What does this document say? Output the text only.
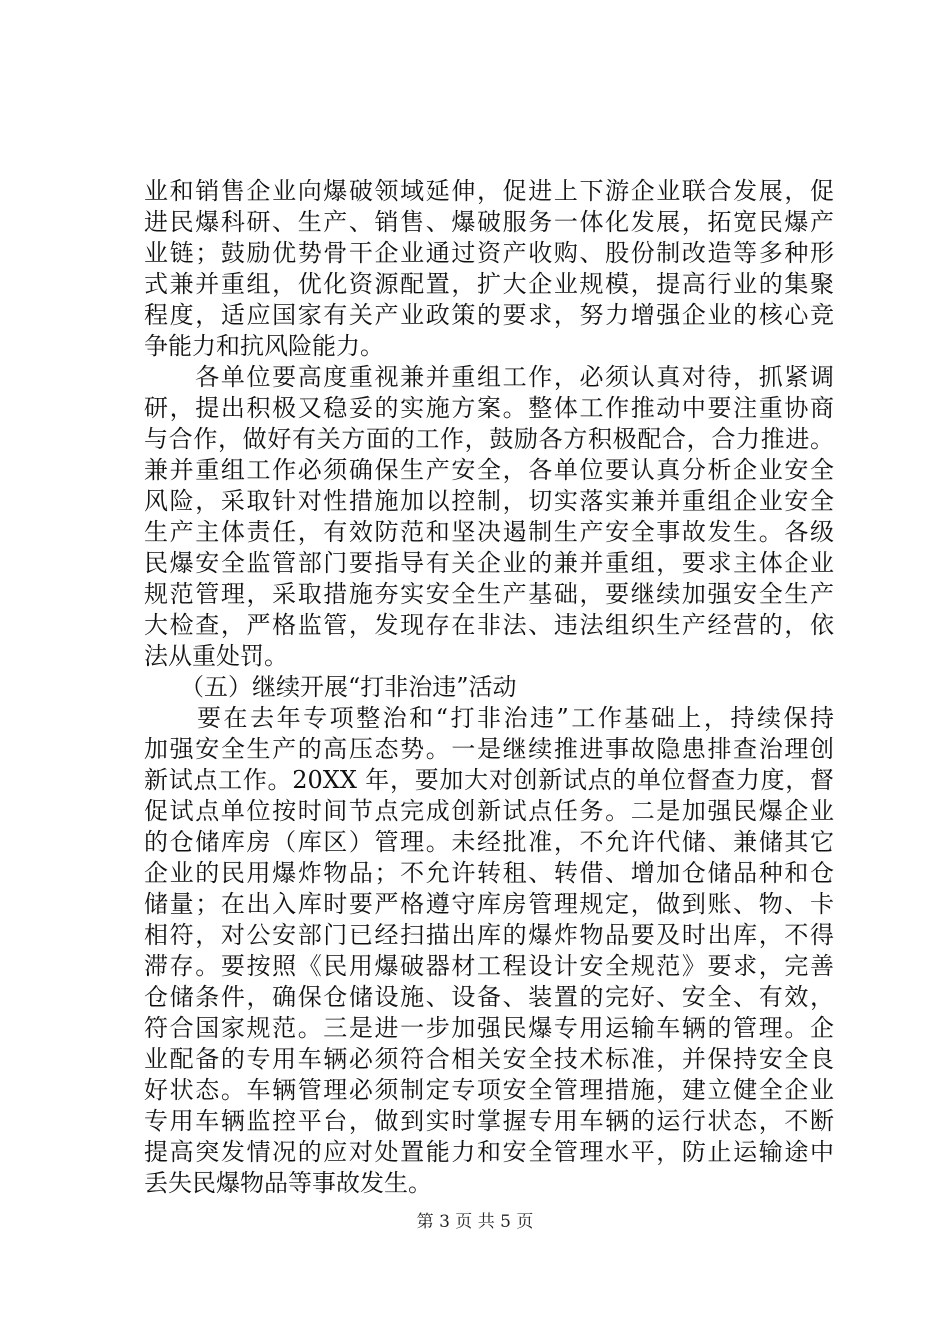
业和销售企业向爆破领域延伸，促进上下游企业联合发展，促
进民爆科研、生产、销售、爆破服务一体化发展，拓宽民爆产
业链；鼓励优势骨干企业通过资产收购、股份制改造等多种形
式兼并重组，优化资源配置，扩大企业规模，提高行业的集聚
程度，适应国家有关产业政策的要求，努力增强企业的核心竞
争能力和抗风险能力。
　　各单位要高度重视兼并重组工作，必须认真对待，抓紧调
研，提出积极又稳妥的实施方案。整体工作推动中要注重协商
与合作，做好有关方面的工作，鼓励各方积极配合，合力推进。
兼并重组工作必须确保生产安全，各单位要认真分析企业安全
风险，采取针对性措施加以控制，切实落实兼并重组企业安全
生产主体责任，有效防范和坚决遏制生产安全事故发生。各级
民爆安全监管部门要指导有关企业的兼并重组，要求主体企业
规范管理，采取措施夯实安全生产基础，要继续加强安全生产
大检查，严格监管，发现存在非法、违法组织生产经营的，依
法从重处罚。
　　（五）继续开展“打非治违”活动
　　要在去年专项整治和“打非治违”工作基础上，持续保持
加强安全生产的高压态势。一是继续推进事故隐患排查治理创
新试点工作。20XX 年，要加大对创新试点的单位督查力度，督
促试点单位按时间节点完成创新试点任务。二是加强民爆企业
的仓储库房（库区）管理。未经批准，不允许代储、兼储其它
企业的民用爆炸物品；不允许转租、转借、增加仓储品种和仓
储量；在出入库时要严格遵守库房管理规定，做到账、物、卡
相符，对公安部门已经扫描出库的爆炸物品要及时出库，不得
滞存。要按照《民用爆破器材工程设计安全规范》要求，完善
仓储条件，确保仓储设施、设备、装置的完好、安全、有效，
符合国家规范。三是进一步加强民爆专用运输车辆的管理。企
业配备的专用车辆必须符合相关安全技术标准，并保持安全良
好状态。车辆管理必须制定专项安全管理措施，建立健全企业
专用车辆监控平台，做到实时掌握专用车辆的运行状态，不断
提高突发情况的应对处置能力和安全管理水平，防止运输途中
丢失民爆物品等事故发生。
第 3 页 共 5 页
